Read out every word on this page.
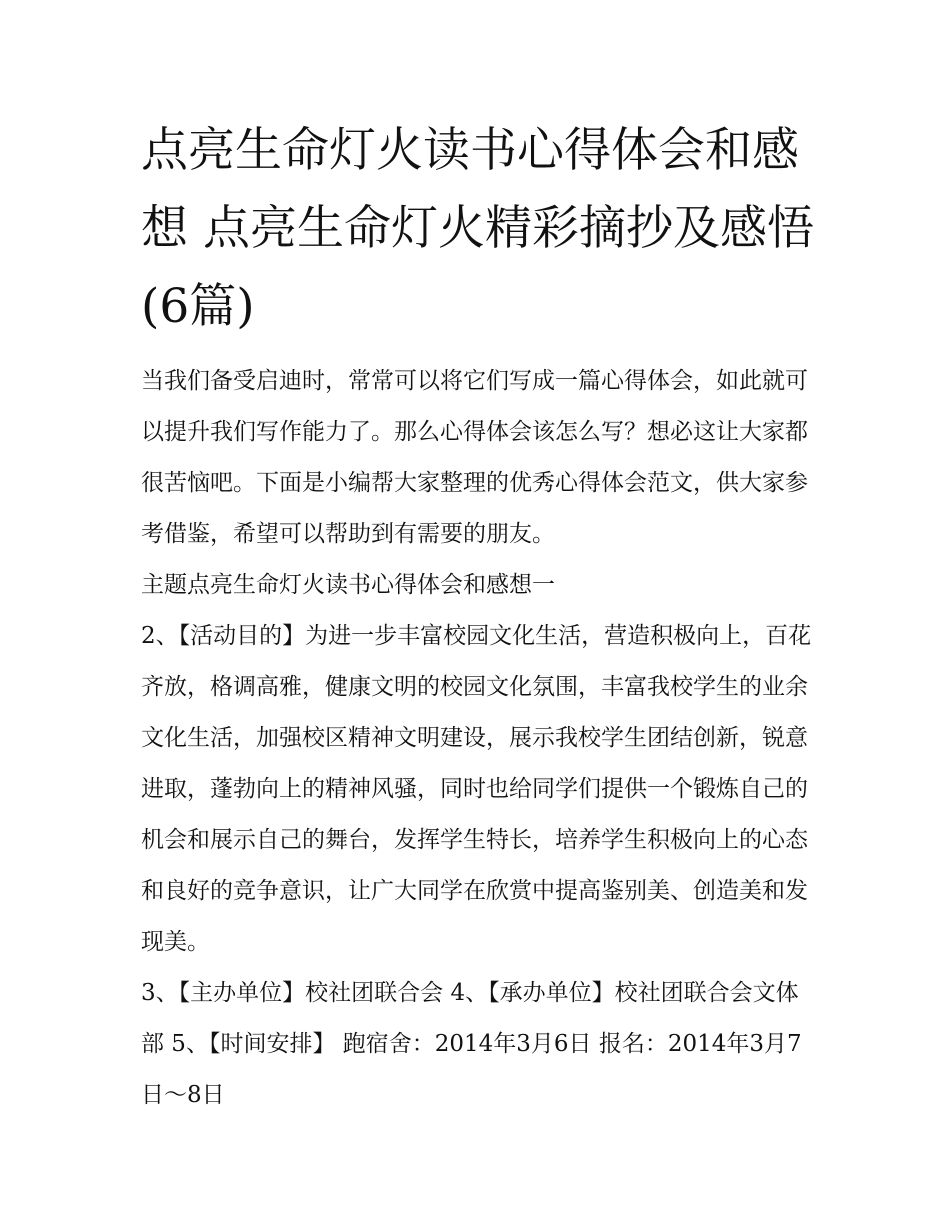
点亮生命灯火读书心得体会和感想 点亮生命灯火精彩摘抄及感悟(6篇)

当我们备受启迪时，常常可以将它们写成一篇心得体会，如此就可以提升我们写作能力了。那么心得体会该怎么写？想必这让大家都很苦恼吧。下面是小编帮大家整理的优秀心得体会范文，供大家参考借鉴，希望可以帮助到有需要的朋友。

主题点亮生命灯火读书心得体会和感想一

2、【活动目的】为进一步丰富校园文化生活，营造积极向上，百花齐放，格调高雅，健康文明的校园文化氛围，丰富我校学生的业余文化生活，加强校区精神文明建设，展示我校学生团结创新，锐意进取，蓬勃向上的精神风骚，同时也给同学们提供一个锻炼自己的机会和展示自己的舞台，发挥学生特长，培养学生积极向上的心态和良好的竞争意识，让广大同学在欣赏中提高鉴别美、创造美和发现美。

3、【主办单位】校社团联合会 4、【承办单位】校社团联合会文体部 5、【时间安排】 跑宿舍：2014年3月6日 报名：2014年3月7日～8日
